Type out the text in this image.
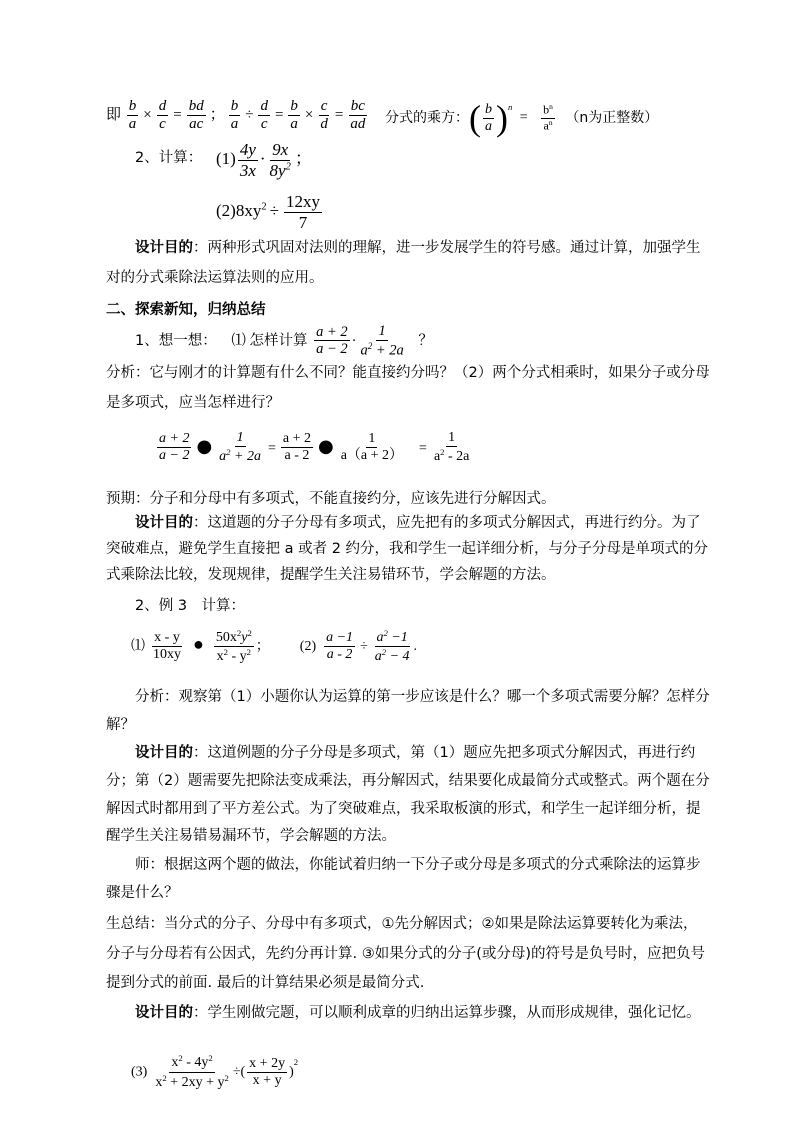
即 $\frac{b}{a} \times \frac{d}{c} = \frac{bd}{ac}$ ； $\frac{b}{a} \div \frac{d}{c} = \frac{b}{a} \times \frac{c}{d} = \frac{bc}{ad}$ 分式的乘方：( $\frac{b}{a} )^n = \frac{b^n}{a^n} (n$为正整数）
2、计算： $(1) \frac{4y}{3x} \cdot \frac{9x}{8y^2}$ ；
$(2)8xy^2 \div \frac{12xy}{7}$
设计目的：两种形式巩固对法则的理解，进一步发展学生的符号感。通过计算，加强学生
对的分式乘除法运算法则的应用。
二、探索新知，归纳总结
1、想一想： ⑴ 怎样计算 $\frac{a + 2}{a - 2} \cdot \frac{1}{a^2 + 2a}$ ？
分析：它与刚才的计算题有什么不同？能直接约分吗？（2）两个分式相乘时，如果分子或分母
是多项式，应当怎样进行？
$\frac{a + 2}{a - 2}$ ● $\frac{1}{a^2 + 2a} = \frac{a + 2}{a - 2}$ ● $\frac{1}{a(a + 2)} = \frac{1}{a^2 - 2a}$
预期：分子和分母中有多项式，不能直接约分，应该先进行分解因式。
设计目的：这道题的分子分母有多项式，应先把有的多项式分解因式，再进行约分。为了
突破难点，避免学生直接把 a 或者 2 约分，我和学生一起详细分析，与分子分母是单项式的分
式乘除法比较，发现规律，提醒学生关注易错环节，学会解题的方法。
2、例 3　计算：
⑴ $\frac{x - y}{10xy}$ ● $\frac{50x^2y^2}{x^2 - y^2}$ ； $(2) \frac{a -1}{a - 2} \div \frac{a^2 -1}{a^2 - 4}$ .
分析：观察第（1）小题你认为运算的第一步应该是什么？哪一个多项式需要分解？怎样分
解？
设计目的：这道例题的分子分母是多项式，第（1）题应先把多项式分解因式，再进行约
分；第（2）题需要先把除法变成乘法，再分解因式，结果要化成最简分式或整式。两个题在分
解因式时都用到了平方差公式。为了突破难点，我采取板演的形式，和学生一起详细分析，提
醒学生关注易错易漏环节，学会解题的方法。
师：根据这两个题的做法，你能试着归纳一下分子或分母是多项式的分式乘除法的运算步
骤是什么？
生总结：当分式的分子、分母中有多项式，①先分解因式；②如果是除法运算要转化为乘法，
分子与分母若有公因式，先约分再计算. ③如果分式的分子(或分母)的符号是负号时，应把负号
提到分式的前面. 最后的计算结果必须是最简分式.
设计目的：学生刚做完题，可以顺利成章的归纳出运算步骤，从而形成规律，强化记忆。
$(3) \frac{x^2 - 4y^2}{x^2 + 2xy + y^2}$ ÷( $\frac{x + 2y}{x + y} )^2$
